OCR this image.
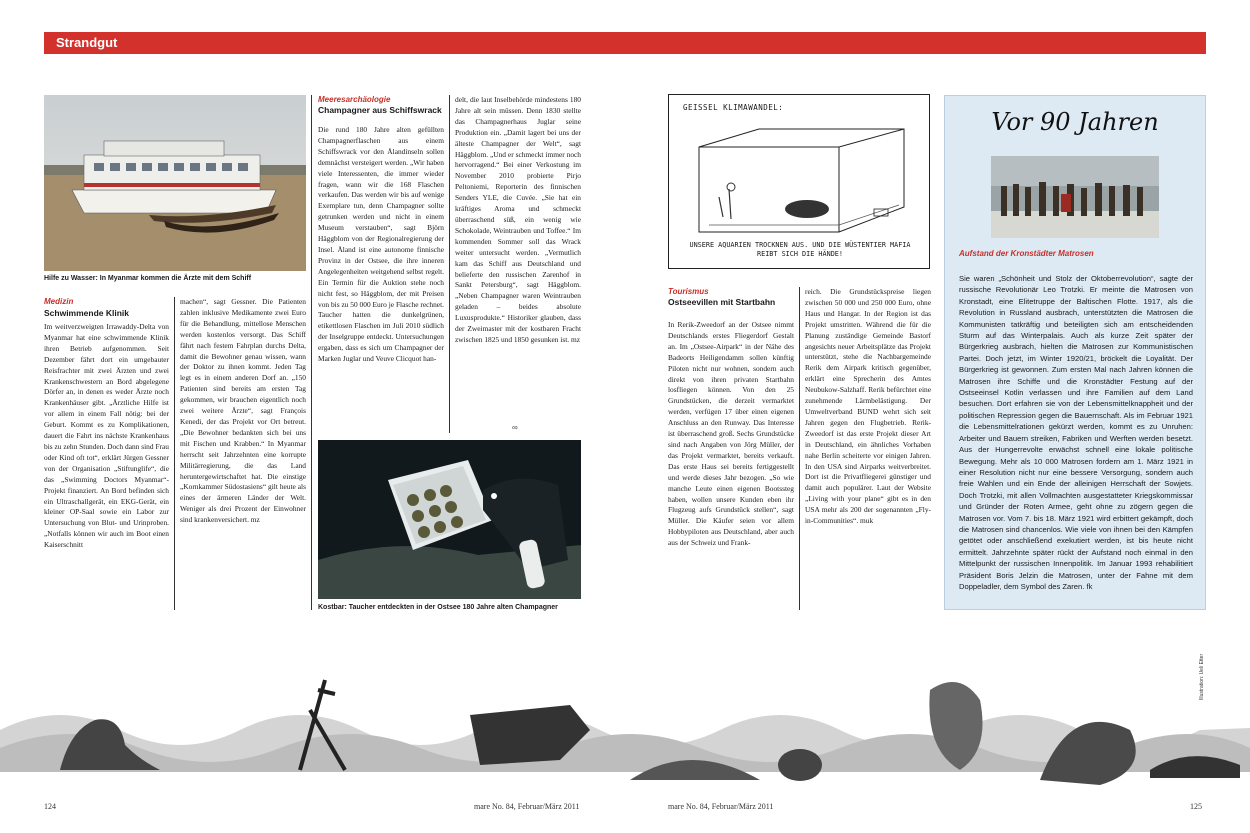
Strandgut
Hilfe zu Wasser: In Myanmar kommen die Ärzte mit dem Schiff
Medizin
Schwimmende Klinik
Im weitverzweigten Irrawaddy-Delta von Myanmar hat eine schwimmende Klinik ihren Betrieb aufgenommen. Seit Dezember fährt dort ein umgebauter Reisfrachter mit zwei Ärzten und zwei Krankenschwestern an Bord abgelegene Dörfer an, in denen es weder Ärzte noch Krankenhäuser gibt. „Ärztliche Hilfe ist vor allem in einem Fall nötig: bei der Geburt. Kommt es zu Komplikationen, dauert die Fahrt ins nächste Krankenhaus bis zu zehn Stunden. Doch dann sind Frau oder Kind oft tot“, erklärt Jürgen Gessner von der Organisation „Stiftunglife“, die das „Swimming Doctors Myanmar“-Projekt finanziert. An Bord befinden sich ein Ultraschallgerät, ein EKG-Gerät, ein kleiner OP-Saal sowie ein Labor zur Untersuchung von Blut- und Urinproben. „Notfalls können wir auch im Boot einen Kaiserschnitt
machen“, sagt Gessner. Die Patienten zahlen inklusive Medikamente zwei Euro für die Behandlung, mittellose Menschen werden kostenlos versorgt. Das Schiff fährt nach festem Fahrplan durchs Delta, damit die Bewohner genau wissen, wann der Doktor zu ihnen kommt. Jeden Tag legt es in einem anderen Dorf an. „150 Patienten sind bereits am ersten Tag gekommen, wir brauchen eigentlich noch zwei weitere Ärzte“, sagt François Kenedi, der das Projekt vor Ort betreut. „Die Bewohner bedankten sich bei uns mit Fischen und Krabben.“ In Myanmar herrscht seit Jahrzehnten eine korrupte Militärregierung, die das Land heruntergewirtschaftet hat. Die einstige „Kornkammer Südostasiens“ gilt heute als eines der ärmeren Länder der Welt. Weniger als drei Prozent der Einwohner sind krankenversichert. mz
Meeresarchäologie
Champagner aus Schiffswrack
Die rund 180 Jahre alten gefüllten Champagnerflaschen aus einem Schiffswrack vor den Ålandinseln sollen demnächst versteigert werden. „Wir haben viele Interessenten, die immer wieder fragen, wann wir die 168 Flaschen verkaufen. Das werden wir bis auf wenige Exemplare tun, denn Champagner sollte getrunken werden und nicht in einem Museum verstauben“, sagt Björn Häggblom von der Regionalregierung der Insel. Åland ist eine autonome finnische Provinz in der Ostsee, die ihre inneren Angelegenheiten weitgehend selbst regelt. Ein Termin für die Auktion stehe noch nicht fest, so Häggblom, der mit Preisen von bis zu 50 000 Euro je Flasche rechnet. Taucher hatten die dunkelgrünen, etikettlosen Flaschen im Juli 2010 südlich der Inselgruppe entdeckt. Untersuchungen ergaben, dass es sich um Champagner der Marken Juglar und Veuve Clicquot han-
delt, die laut Inselbehörde mindestens 180 Jahre alt sein müssen. Denn 1830 stellte das Champagnerhaus Juglar seine Produktion ein. „Damit lagert bei uns der älteste Champagner der Welt“, sagt Häggblom. „Und er schmeckt immer noch hervorragend.“ Bei einer Verkostung im November 2010 probierte Pirjo Peltoniemi, Reporterin des finnischen Senders YLE, die Cuvée. „Sie hat ein kräftiges Aroma und schmeckt überraschend süß, ein wenig wie Schokolade, Weintrauben und Toffee.“ Im kommenden Sommer soll das Wrack weiter untersucht werden. „Vermutlich kam das Schiff aus Deutschland und belieferte den russischen Zarenhof in Sankt Petersburg“, sagt Häggblom. „Neben Champagner waren Weintrauben geladen – beides absolute Luxusprodukte.“ Historiker glauben, dass der Zweimaster mit der kostbaren Fracht zwischen 1825 und 1850 gesunken ist. mz
∞
Kostbar: Taucher entdeckten in der Ostsee 180 Jahre alten Champagner
GEISSEL KLIMAWANDEL:
UNSERE AQUARIEN TROCKNEN AUS. UND DIE WÜSTENTIER MAFIA REIBT SICH DIE HÄNDE!
Tourismus
Ostseevillen mit Startbahn
In Rerik-Zweedorf an der Ostsee nimmt Deutschlands erstes Fliegerdorf Gestalt an. Im „Ostsee-Airpark“ in der Nähe des Badeorts Heiligendamm sollen künftig Piloten nicht nur wohnen, sondern auch direkt von ihren privaten Startbahn losfliegen können. Von den 25 Grundstücken, die derzeit vermarktet werden, verfügen 17 über einen eigenen Anschluss an den Runway. Das Interesse ist überraschend groß. Sechs Grundstücke sind nach Angaben von Jörg Müller, der das Projekt vermarktet, bereits verkauft. Das erste Haus sei bereits fertiggestellt und werde dieses Jahr bezogen. „So wie manche Leute einen eigenen Bootssteg haben, wollen unsere Kunden eben ihr Flugzeug aufs Grundstück stellen“, sagt Müller. Die Käufer seien vor allem Hobbypiloten aus Deutschland, aber auch aus der Schweiz und Frank-
reich. Die Grundstückspreise liegen zwischen 50 000 und 250 000 Euro, ohne Haus und Hangar. In der Region ist das Projekt umstritten. Während die für die Planung zuständige Gemeinde Bastorf angesichts neuer Arbeitsplätze das Projekt unterstützt, stehe die Nachbargemeinde Rerik dem Airpark kritisch gegenüber, erklärt eine Sprecherin des Amtes Neubukow-Salzhaff. Rerik befürchtet eine zunehmende Lärmbelästigung. Der Umweltverband BUND wehrt sich seit Jahren gegen den Flugbetrieb. Rerik-Zweedorf ist das erste Projekt dieser Art in Deutschland, ein ähnliches Vorhaben nahe Berlin scheiterte vor einigen Jahren. In den USA sind Airparks weitverbreitet. Dort ist die Privatfliegerei günstiger und damit auch populärer. Laut der Website „Living with your plane“ gibt es in den USA mehr als 200 der sogenannten „Fly-in-Communities“. muk
Vor 90 Jahren
Aufstand der Kronstädter Matrosen
Sie waren „Schönheit und Stolz der Oktoberrevolution“, sagte der russische Revolutionär Leo Trotzki. Er meinte die Matrosen von Kronstadt, eine Elitetruppe der Baltischen Flotte. 1917, als die Revolution in Russland ausbrach, unterstützten die Matrosen die Kommunisten tatkräftig und beteiligten sich am entscheidenden Sturm auf das Winterpalais. Auch als kurze Zeit später der Bürgerkrieg ausbrach, hielten die Matrosen zur Kommunistischen Partei. Doch jetzt, im Winter 1920/21, bröckelt die Loyalität. Der Bürgerkrieg ist gewonnen. Zum ersten Mal nach Jahren können die Matrosen ihre Schiffe und die Kronstädter Festung auf der Ostseeinsel Kotlin verlassen und ihre Familien auf dem Land besuchen. Dort erfahren sie von der Lebensmittelknappheit und der politischen Repression gegen die Bauernschaft. Als im Februar 1921 die Lebensmittelrationen gekürzt werden, kommt es zu Unruhen: Arbeiter und Bauern streiken, Fabriken und Werften werden besetzt. Aus der Hungerrevolte erwächst schnell eine lokale politische Bewegung. Mehr als 10 000 Matrosen fordern am 1. März 1921 in einer Resolution nicht nur eine bessere Versorgung, sondern auch freie Wahlen und ein Ende der alleinigen Herrschaft der Sowjets. Doch Trotzki, mit allen Vollmachten ausgestatteter Kriegskommissar und Gründer der Roten Armee, geht ohne zu zögern gegen die Matrosen vor. Vom 7. bis 18. März 1921 wird erbittert gekämpft, doch die Matrosen sind chancenlos. Wie viele von ihnen bei den Kämpfen getötet oder anschließend exekutiert werden, ist bis heute nicht ermittelt. Jahrzehnte später rückt der Aufstand noch einmal in den Mittelpunkt der russischen Innenpolitik. Im Januar 1993 rehabilitiert Präsident Boris Jelzin die Matrosen, unter der Fahne mit dem Doppeladler, dem Symbol des Zaren. fk
Illustration: Ueli Etter
124	mare No. 84, Februar/März 2011	mare No. 84, Februar/März 2011	125
